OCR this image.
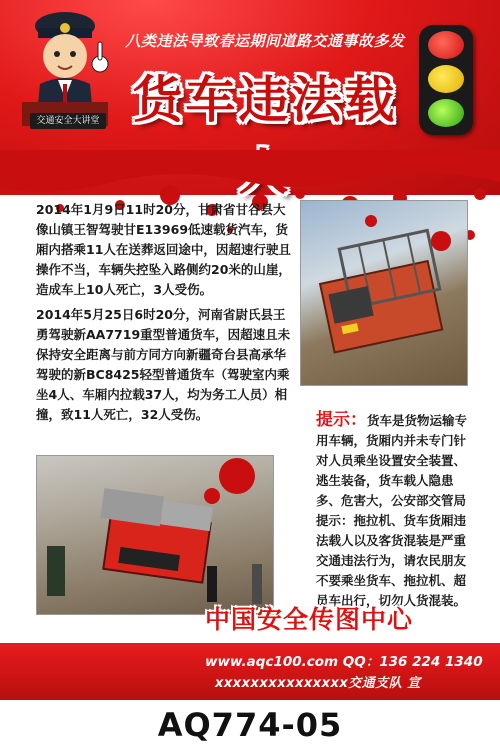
交通安全大讲堂
八类违法导致春运期间道路交通事故多发
货车违法载
2014年1月9日11时20分，甘肃省甘谷县大像山镇王智驾驶甘E13969低速载货汽车，货厢内搭乘11人在送葬返回途中，因超速行驶且操作不当，车辆失控坠入路侧约20米的山崖，造成车上10人死亡，3人受伤。
2014年5月25日6时20分，河南省尉氏县王勇驾驶新AA7719重型普通货车，因超速且未保持安全距离与前方同方向新疆奇台县高承华驾驶的新BC8425轻型普通货车（驾驶室内乘坐4人、车厢内拉载37人，均为务工人员）相撞，致11人死亡，32人受伤。	提示：货车是货物运输专用车辆，货厢内并未专门针对人员乘坐设置安全装置、逃生装备，货车载人隐患多、危害大，公安部交管局提示：拖拉机、货车货厢违法载人以及客货混装是严重交通违法行为，请农民朋友不要乘坐货车、拖拉机、超员车出行，切勿人货混装。
中国安全传图中心
www.aqc100.com QQ：136 224 1340
xxxxxxxxxxxxxxx交通支队 宣
AQ774-05
